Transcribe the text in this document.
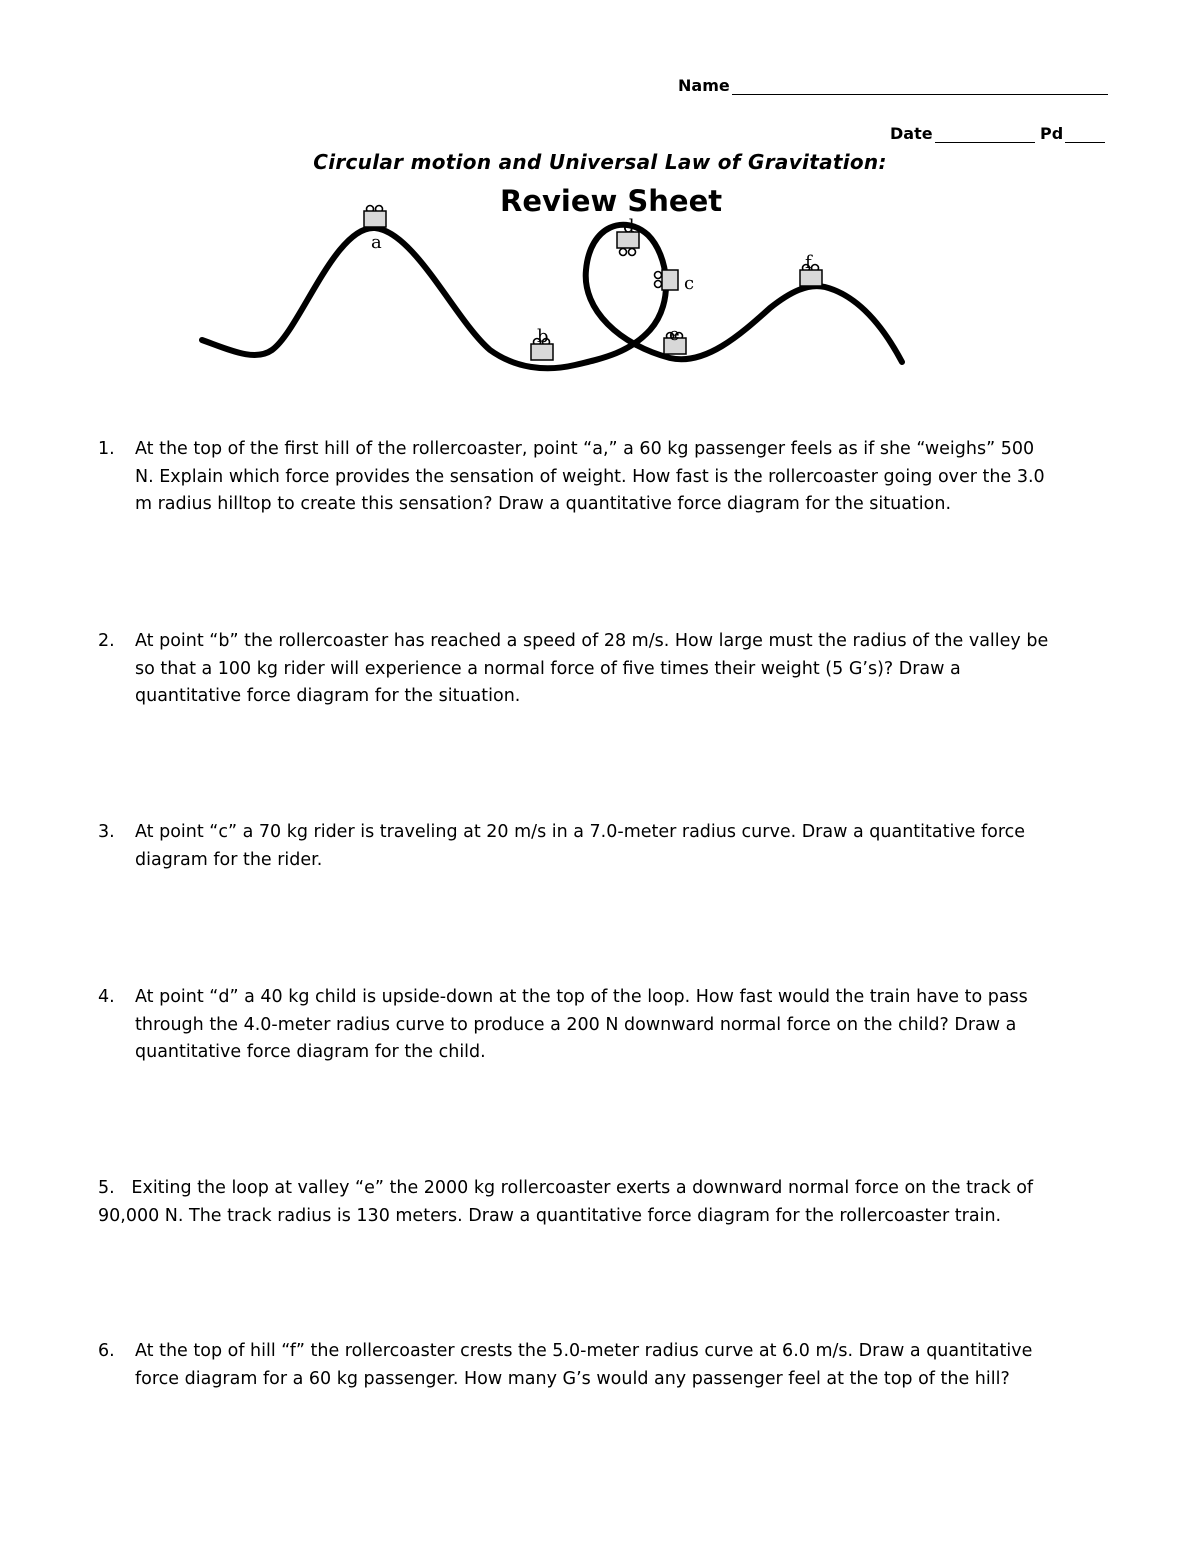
Name
Date	Pd
Circular motion and Universal Law of Gravitation:
Review Sheet
a
b
c
d
e
f
1. At the top of the first hill of the rollercoaster, point “a,” a 60 kg passenger feels as if she “weighs” 500
N. Explain which force provides the sensation of weight. How fast is the rollercoaster going over the 3.0
m radius hilltop to create this sensation? Draw a quantitative force diagram for the situation.
2. At point “b” the rollercoaster has reached a speed of 28 m/s. How large must the radius of the valley be
so that a 100 kg rider will experience a normal force of five times their weight (5 G’s)? Draw a
quantitative force diagram for the situation.
3. At point “c” a 70 kg rider is traveling at 20 m/s in a 7.0-meter radius curve. Draw a quantitative force
diagram for the rider.
4. At point “d” a 40 kg child is upside-down at the top of the loop. How fast would the train have to pass
through the 4.0-meter radius curve to produce a 200 N downward normal force on the child? Draw a
quantitative force diagram for the child.
5. Exiting the loop at valley “e” the 2000 kg rollercoaster exerts a downward normal force on the track of
90,000 N. The track radius is 130 meters. Draw a quantitative force diagram for the rollercoaster train.
6. At the top of hill “f” the rollercoaster crests the 5.0-meter radius curve at 6.0 m/s. Draw a quantitative
force diagram for a 60 kg passenger. How many G’s would any passenger feel at the top of the hill?
